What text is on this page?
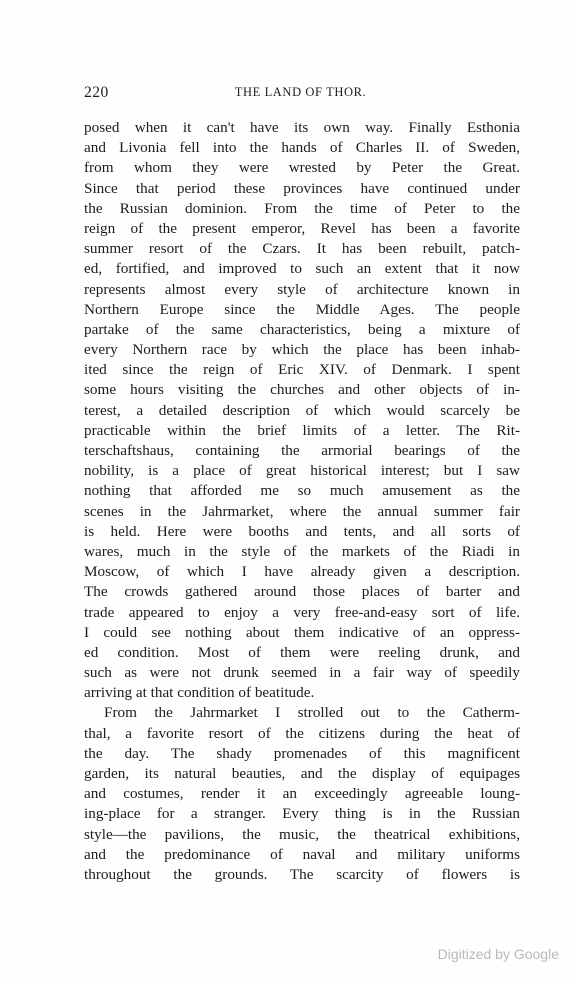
220	THE LAND OF THOR.
posed when it can't have its own way. Finally Esthonia
and Livonia fell into the hands of Charles II. of Sweden,
from whom they were wrested by Peter the Great.
Since that period these provinces have continued under
the Russian dominion. From the time of Peter to the
reign of the present emperor, Revel has been a favorite
summer resort of the Czars. It has been rebuilt, patch-
ed, fortified, and improved to such an extent that it now
represents almost every style of architecture known in
Northern Europe since the Middle Ages. The people
partake of the same characteristics, being a mixture of
every Northern race by which the place has been inhab-
ited since the reign of Eric XIV. of Denmark. I spent
some hours visiting the churches and other objects of in-
terest, a detailed description of which would scarcely be
practicable within the brief limits of a letter. The Rit-
terschaftshaus, containing the armorial bearings of the
nobility, is a place of great historical interest; but I saw
nothing that afforded me so much amusement as the
scenes in the Jahrmarket, where the annual summer fair
is held. Here were booths and tents, and all sorts of
wares, much in the style of the markets of the Riadi in
Moscow, of which I have already given a description.
The crowds gathered around those places of barter and
trade appeared to enjoy a very free-and-easy sort of life.
I could see nothing about them indicative of an oppress-
ed condition. Most of them were reeling drunk, and
such as were not drunk seemed in a fair way of speedily
arriving at that condition of beatitude.
From the Jahrmarket I strolled out to the Catherm-
thal, a favorite resort of the citizens during the heat of
the day. The shady promenades of this magnificent
garden, its natural beauties, and the display of equipages
and costumes, render it an exceedingly agreeable loung-
ing-place for a stranger. Every thing is in the Russian
style—the pavilions, the music, the theatrical exhibitions,
and the predominance of naval and military uniforms
throughout the grounds. The scarcity of flowers is
Digitized by Google
